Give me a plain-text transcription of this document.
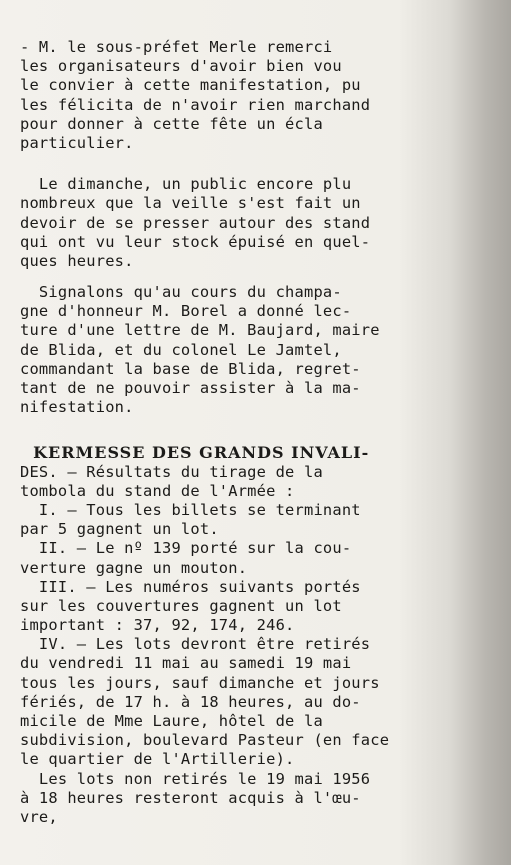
- M. le sous-préfet Merle remerci
les organisateurs d'avoir bien vou
le convier à cette manifestation, pu
les félicita de n'avoir rien marchand
pour donner à cette fête un écla
particulier.
Le dimanche, un public encore plu
nombreux que la veille s'est fait un
devoir de se presser autour des stand
qui ont vu leur stock épuisé en quel-
ques heures.
Signalons qu'au cours du champa-
gne d'honneur M. Borel a donné lec-
ture d'une lettre de M. Baujard, maire
de Blida, et du colonel Le Jamtel,
commandant la base de Blida, regret-
tant de ne pouvoir assister à la ma-
nifestation.
KERMESSE DES GRANDS INVALI-
DES. — Résultats du tirage de la
tombola du stand de l'Armée :
I. — Tous les billets se terminant
par 5 gagnent un lot.
II. — Le nº 139 porté sur la cou-
verture gagne un mouton.
III. — Les numéros suivants portés
sur les couvertures gagnent un lot
important : 37, 92, 174, 246.
IV. — Les lots devront être retirés
du vendredi 11 mai au samedi 19 mai
tous les jours, sauf dimanche et jours
fériés, de 17 h. à 18 heures, au do-
micile de Mme Laure, hôtel de la
subdivision, boulevard Pasteur (en face
le quartier de l'Artillerie).
Les lots non retirés le 19 mai 1956
à 18 heures resteront acquis à l'œu-
vre,
